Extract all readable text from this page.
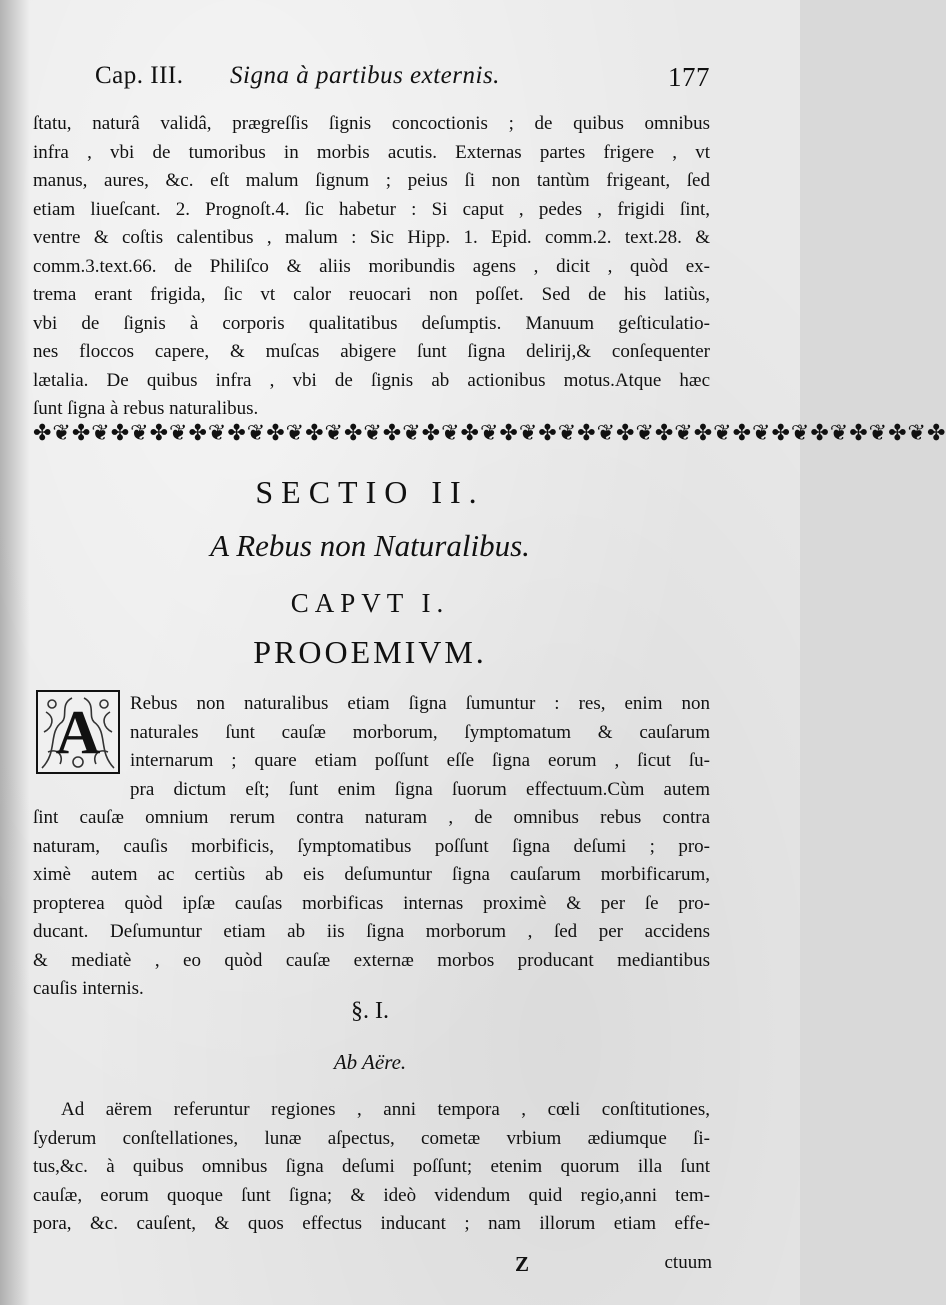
Cap. III. Signa à partibus externis.	177
ſtatu, naturâ validâ, prægreſſis ſignis concoctionis ; de quibus omnibus
infra , vbi de tumoribus in morbis acutis. Externas partes frigere , vt
manus, aures, &c. eſt malum ſignum ; peius ſi non tantùm frigeant, ſed
etiam liueſcant. 2. Prognoſt.4. ſic habetur : Si caput , pedes , frigidi ſint,
ventre & coſtis calentibus , malum : Sic Hipp. 1. Epid. comm.2. text.28. &
comm.3.text.66. de Philiſco & aliis moribundis agens , dicit , quòd ex-
trema erant frigida, ſic vt calor reuocari non poſſet. Sed de his latiùs,
vbi de ſignis à corporis qualitatibus deſumptis. Manuum geſticulatio-
nes floccos capere, & muſcas abigere ſunt ſigna delirij,& conſequenter
lætalia. De quibus infra , vbi de ſignis ab actionibus motus.Atque hæc
ſunt ſigna à rebus naturalibus.
✤❦✤❦✤❦✤❦✤❦✤❦✤❦✤❦✤❦✤❦✤❦✤❦✤❦✤❦✤❦✤❦✤❦✤❦✤❦✤❦✤❦✤❦✤❦✤
SECTIO II.
A Rebus non Naturalibus.
CAPVT I.
PROOEMIVM.
A	Rebus non naturalibus etiam ſigna ſumuntur : res, enim non
naturales ſunt cauſæ morborum, ſymptomatum & cauſarum
internarum ; quare etiam poſſunt eſſe ſigna eorum , ſicut ſu-
pra dictum eſt; ſunt enim ſigna ſuorum effectuum.Cùm autem
ſint cauſæ omnium rerum contra naturam , de omnibus rebus contra
naturam, cauſis morbificis, ſymptomatibus poſſunt ſigna deſumi ; pro-
ximè autem ac certiùs ab eis deſumuntur ſigna cauſarum morbificarum,
propterea quòd ipſæ cauſas morbificas internas proximè & per ſe pro-
ducant. Deſumuntur etiam ab iis ſigna morborum , ſed per accidens
& mediatè , eo quòd cauſæ externæ morbos producant mediantibus
cauſis internis.
§. I.
Ab Aëre.
Ad aërem referuntur regiones , anni tempora , cœli conſtitutiones,
ſyderum conſtellationes, lunæ aſpectus, cometæ vrbium ædiumque ſi-
tus,&c. à quibus omnibus ſigna deſumi poſſunt; etenim quorum illa ſunt
cauſæ, eorum quoque ſunt ſigna; & ideò videndum quid regio,anni tem-
pora, &c. cauſent, & quos effectus inducant ; nam illorum etiam effe-
Z	ctuum
